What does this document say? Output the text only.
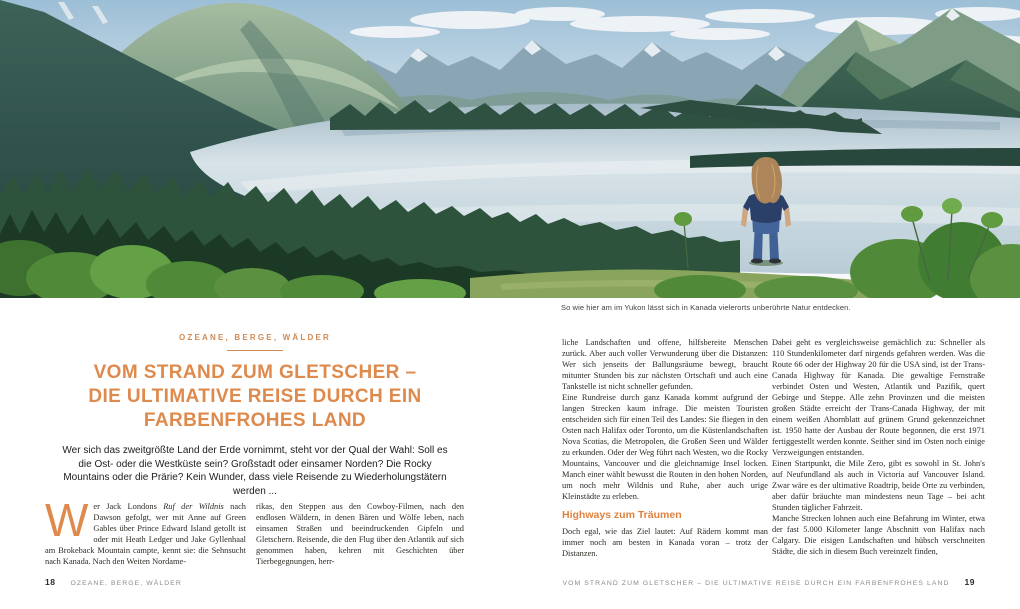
So wie hier am im Yukon lässt sich in Kanada vielerorts unberührte Natur entdecken.
OZEANE, BERGE, WÄLDER
VOM STRAND ZUM GLETSCHER –
DIE ULTIMATIVE REISE DURCH EIN
FARBENFROHES LAND
Wer sich das zweitgrößte Land der Erde vornimmt, steht vor der Qual der Wahl: Soll es die Ost- oder die Westküste sein? Großstadt oder einsamer Norden? Die Rocky Mountains oder die Prärie? Kein Wunder, dass viele Reisende zu Wiederholungstätern werden ...

Wer Jack Londons Ruf der Wildnis nach Dawson gefolgt, wer mit Anne auf Green Gables über Prince Edward Island getollt ist oder mit Heath Ledger und Jake Gyllenhaal am Brokeback Mountain campte, kennt sie: die Sehnsucht nach Kanada. Nach den Weiten Nordame-

rikas, den Steppen aus den Cowboy-Filmen, nach den endlosen Wäldern, in denen Bären und Wölfe leben, nach einsamen Straßen und beeindruckenden Gipfeln und Gletschern. Reisende, die den Flug über den Atlantik auf sich genommen haben, kehren mit Geschichten über Tierbegegnungen, herr-

liche Landschaften und offene, hilfsbereite Menschen zurück. Aber auch voller Verwunderung über die Distanzen: Wer sich jenseits der Ballungsräume bewegt, braucht mitunter Stunden bis zur nächsten Ortschaft und auch eine Tankstelle ist nicht schneller gefunden.

Eine Rundreise durch ganz Kanada kommt aufgrund der langen Strecken kaum infrage. Die meisten Touristen entscheiden sich für einen Teil des Landes: Sie fliegen in den Osten nach Halifax oder Toronto, um die Küstenlandschaften Nova Scotias, die Metropolen, die Großen Seen und Wälder zu erkunden. Oder der Weg führt nach Westen, wo die Rocky Mountains, Vancouver und die gleichnamige Insel locken. Manch einer wählt bewusst die Routen in den hohen Norden, um noch mehr Wildnis und Ruhe, aber auch urige Kleinstädte zu erleben.

Highways zum Träumen

Doch egal, wie das Ziel lautet: Auf Rädern kommt man immer noch am besten in Kanada voran – trotz der Distanzen.

Dabei geht es vergleichsweise gemächlich zu: Schneller als 110 Stundenkilometer darf nirgends gefahren werden. Was die Route 66 oder der Highway 20 für die USA sind, ist der Trans-Canada Highway für Kanada. Die gewaltige Fernstraße verbindet Osten und Westen, Atlantik und Pazifik, quert Gebirge und Steppe. Alle zehn Provinzen und die meisten großen Städte erreicht der Trans-Canada Highway, der mit einem weißen Ahornblatt auf grünem Grund gekennzeichnet ist. 1950 hatte der Ausbau der Route begonnen, die erst 1971 fertiggestellt werden konnte. Seither sind im Osten noch einige Verzweigungen entstanden.

Einen Startpunkt, die Mile Zero, gibt es sowohl in St. John's auf Neufundland als auch in Victoria auf Vancouver Island. Zwar wäre es der ultimative Roadtrip, beide Orte zu verbinden, aber dafür bräuchte man mindestens neun Tage – bei acht Stunden täglicher Fahrzeit.

Manche Strecken lohnen auch eine Befahrung im Winter, etwa der fast 5.000 Kilometer lange Abschnitt von Halifax nach Calgary. Die eisigen Landschaften und hübsch verschneiten Städte, die sich in diesem Buch vereinzelt finden,

18 OZEANE, BERGE, WÄLDER	VOM STRAND ZUM GLETSCHER – DIE ULTIMATIVE REISE DURCH EIN FARBENFROHES LAND 19
